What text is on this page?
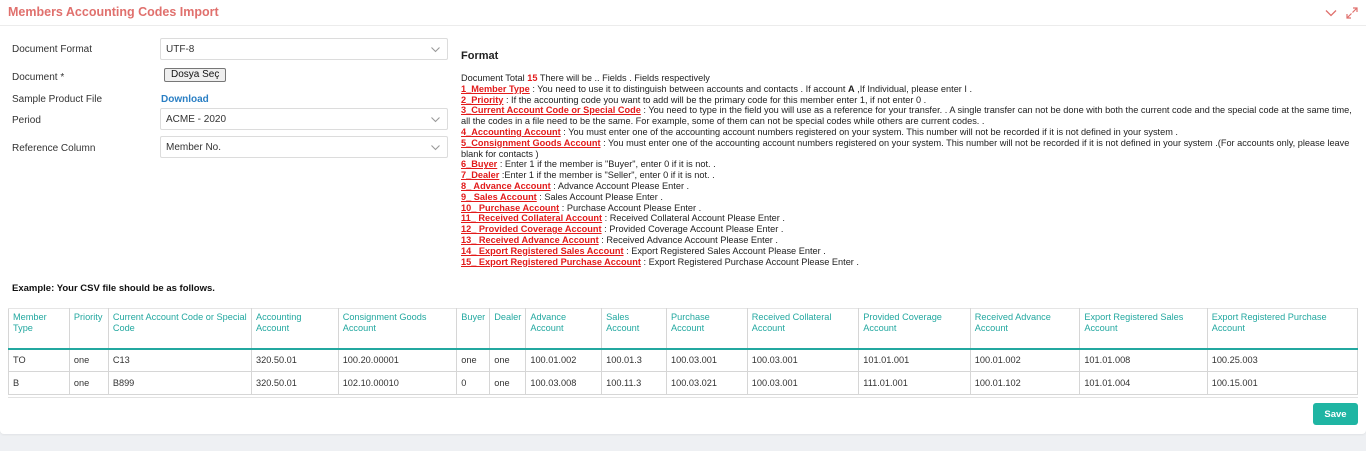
Members Accounting Codes Import
Document Format	UTF-8
Document *	Dosya Seç
Sample Product File	Download
Period	ACME - 2020
Reference Column	Member No.
Format
Document Total 15 There will be .. Fields . Fields respectively
1_Member Type : You need to use it to distinguish between accounts and contacts . If account A ,If Individual, please enter I .
2_Priority : If the accounting code you want to add will be the primary code for this member enter 1, if not enter 0 .
3_Current Account Code or Special Code : You need to type in the field you will use as a reference for your transfer. . A single transfer can not be done with both the current code and the special code at the same time, all the codes in a file need to be the same. For example, some of them can not be special codes while others are current codes. .
4_Accounting Account : You must enter one of the accounting account numbers registered on your system. This number will not be recorded if it is not defined in your system .
5_Consignment Goods Account : You must enter one of the accounting account numbers registered on your system. This number will not be recorded if it is not defined in your system .(For accounts only, please leave blank for contacts )
6_Buyer : Enter 1 if the member is "Buyer", enter 0 if it is not. .
7_Dealer :Enter 1 if the member is "Seller", enter 0 if it is not. .
8_ Advance Account : Advance Account Please Enter .
9_ Sales Account : Sales Account Please Enter .
10_ Purchase Account : Purchase Account Please Enter .
11_ Received Collateral Account : Received Collateral Account Please Enter .
12_ Provided Coverage Account : Provided Coverage Account Please Enter .
13_ Received Advance Account : Received Advance Account Please Enter .
14_ Export Registered Sales Account : Export Registered Sales Account Please Enter .
15_ Export Registered Purchase Account : Export Registered Purchase Account Please Enter .
Example: Your CSV file should be as follows.
Member Type	Priority	Current Account Code or Special Code	Accounting Account	Consignment Goods Account	Buyer	Dealer	Advance Account	Sales Account	Purchase Account	Received Collateral Account	Provided Coverage Account	Received Advance Account	Export Registered Sales Account	Export Registered Purchase Account
TO	one	C13	320.50.01	100.20.00001	one	one	100.01.002	100.01.3	100.03.001	100.03.001	101.01.001	100.01.002	101.01.008	100.25.003
B	one	B899	320.50.01	102.10.00010	0	one	100.03.008	100.11.3	100.03.021	100.03.001	111.01.001	100.01.102	101.01.004	100.15.001
Save
